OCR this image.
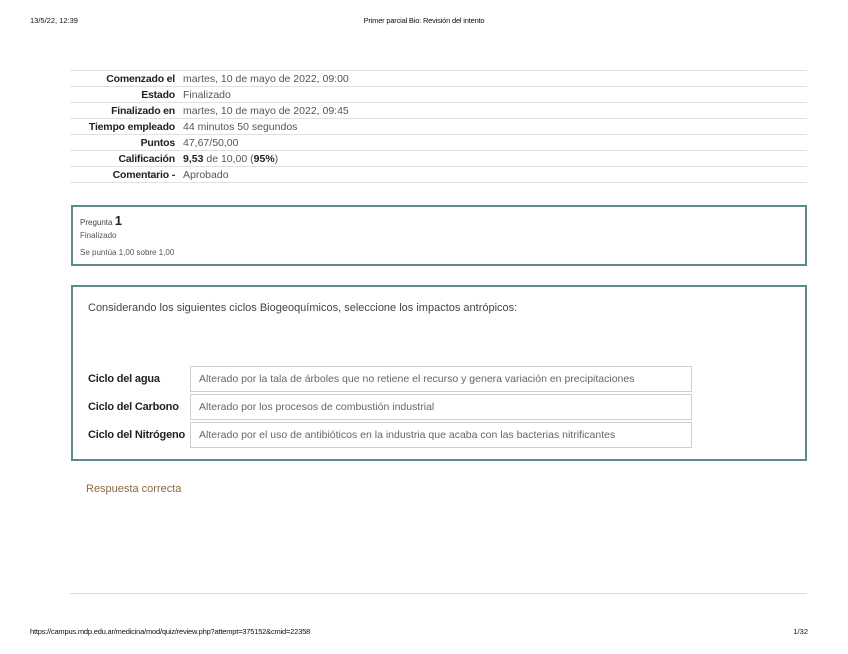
13/5/22, 12:39	Primer parcial Bio: Revisión del intento
Comenzado el	martes, 10 de mayo de 2022, 09:00
Estado	Finalizado
Finalizado en	martes, 10 de mayo de 2022, 09:45
Tiempo empleado	44 minutos 50 segundos
Puntos	47,67/50,00
Calificación	9,53 de 10,00 (95%)
Comentario -	Aprobado
Pregunta 1
Finalizado
Se puntúa 1,00 sobre 1,00
Considerando los siguientes ciclos Biogeoquímicos, seleccione los impactos antrópicos:
Ciclo del agua	Alterado por la tala de árboles que no retiene el recurso y genera variación en precipitaciones
Ciclo del Carbono	Alterado por los procesos de combustión industrial
Ciclo del Nitrógeno	Alterado por el uso de antibióticos en la industria que acaba con las bacterias nitrificantes
Respuesta correcta
https://campus.mdp.edu.ar/medicina/mod/quiz/review.php?attempt=375152&cmid=22358	1/32
